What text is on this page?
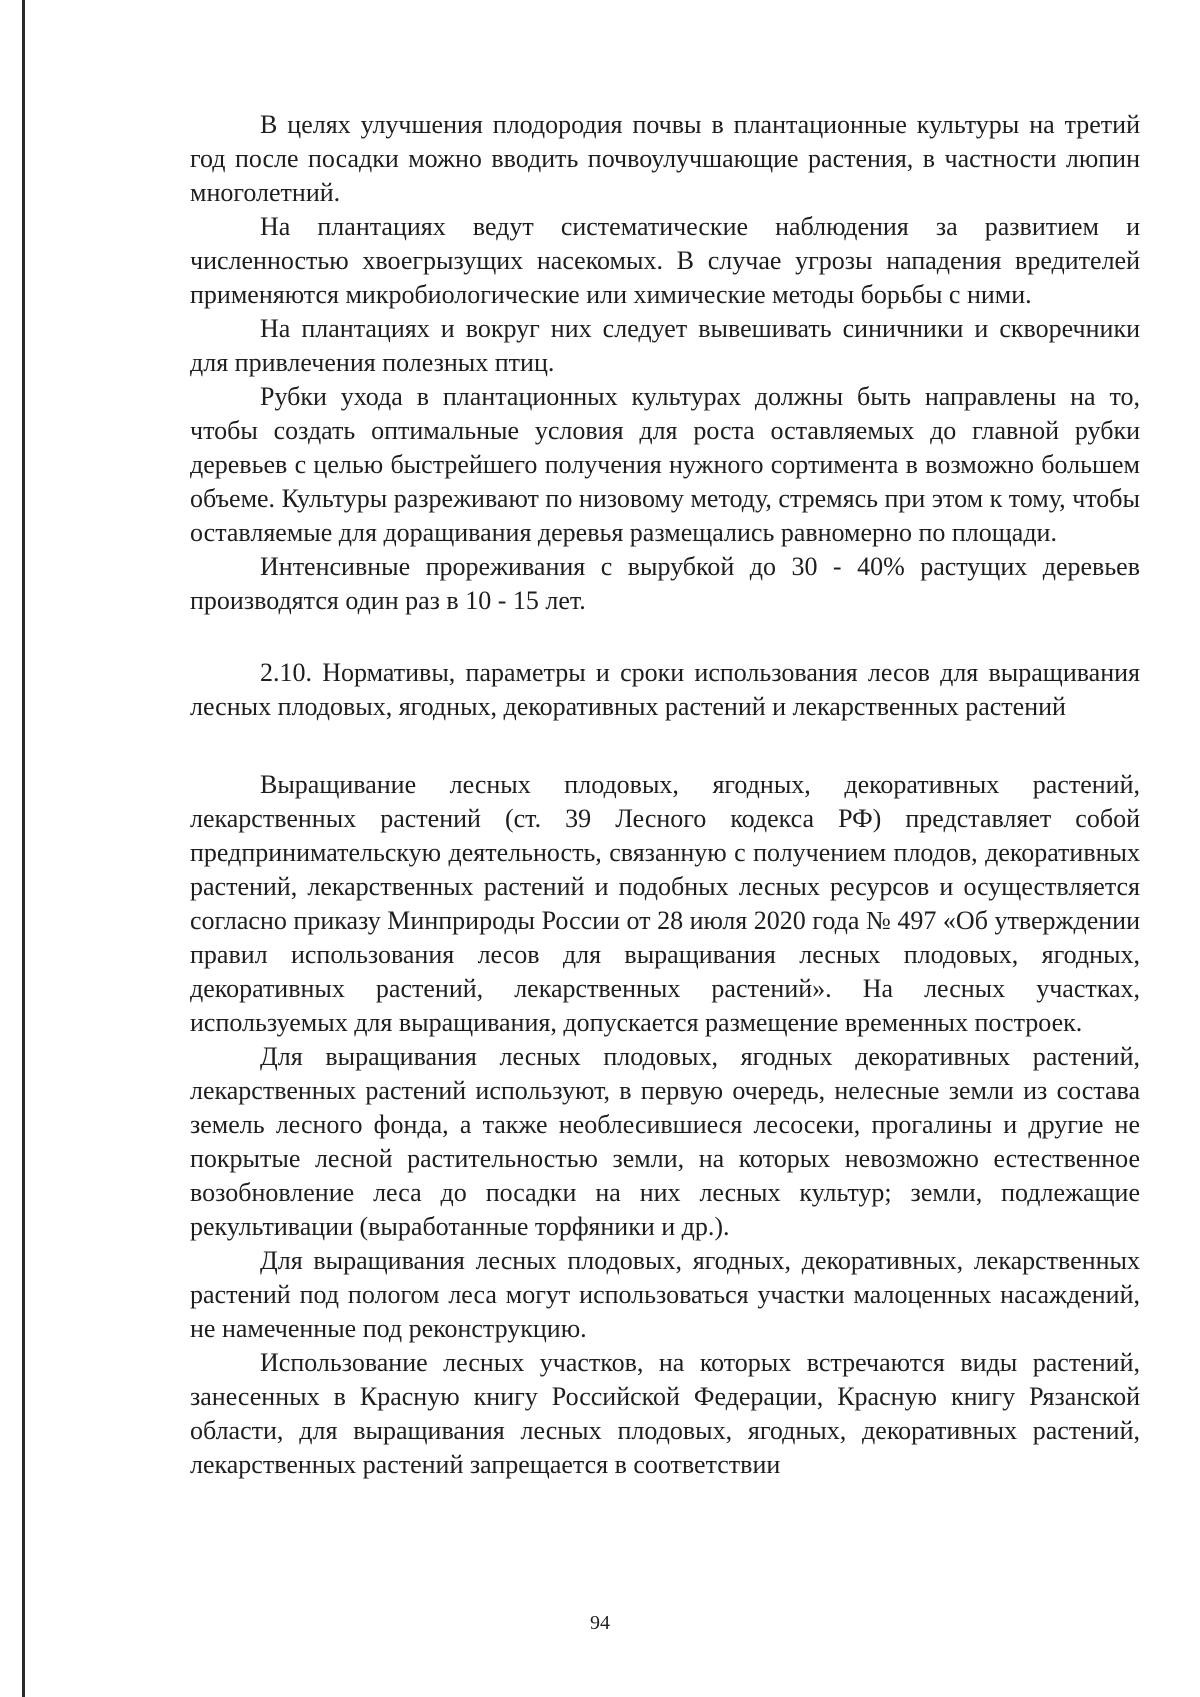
В целях улучшения плодородия почвы в плантационные культуры на третий год после посадки можно вводить почвоулучшающие растения, в частности люпин многолетний.

На плантациях ведут систематические наблюдения за развитием и численностью хвоегрызущих насекомых. В случае угрозы нападения вредителей применяются микробиологические или химические методы борьбы с ними.

На плантациях и вокруг них следует вывешивать синичники и скворечники для привлечения полезных птиц.

Рубки ухода в плантационных культурах должны быть направлены на то, чтобы создать оптимальные условия для роста оставляемых до главной рубки деревьев с целью быстрейшего получения нужного сортимента в возможно большем объеме. Культуры разреживают по низовому методу, стремясь при этом к тому, чтобы оставляемые для доращивания деревья размещались равномерно по площади.

Интенсивные прореживания с вырубкой до 30 - 40% растущих деревьев производятся один раз в 10 - 15 лет.

2.10. Нормативы, параметры и сроки использования лесов для выращивания лесных плодовых, ягодных, декоративных растений и лекарственных растений

Выращивание лесных плодовых, ягодных, декоративных растений, лекарственных растений (ст. 39 Лесного кодекса РФ) представляет собой предпринимательскую деятельность, связанную с получением плодов, декоративных растений, лекарственных растений и подобных лесных ресурсов и осуществляется согласно приказу Минприроды России от 28 июля 2020 года № 497 «Об утверждении правил использования лесов для выращивания лесных плодовых, ягодных, декоративных растений, лекарственных растений». На лесных участках, используемых для выращивания, допускается размещение временных построек.

Для выращивания лесных плодовых, ягодных декоративных растений, лекарственных растений используют, в первую очередь, нелесные земли из состава земель лесного фонда, а также необлесившиеся лесосеки, прогалины и другие не покрытые лесной растительностью земли, на которых невозможно естественное возобновление леса до посадки на них лесных культур; земли, подлежащие рекультивации (выработанные торфяники и др.).

Для выращивания лесных плодовых, ягодных, декоративных, лекарственных растений под пологом леса могут использоваться участки малоценных насаждений, не намеченные под реконструкцию.

Использование лесных участков, на которых встречаются виды растений, занесенных в Красную книгу Российской Федерации, Красную книгу Рязанской области, для выращивания лесных плодовых, ягодных, декоративных растений, лекарственных растений запрещается в соответствии

94
